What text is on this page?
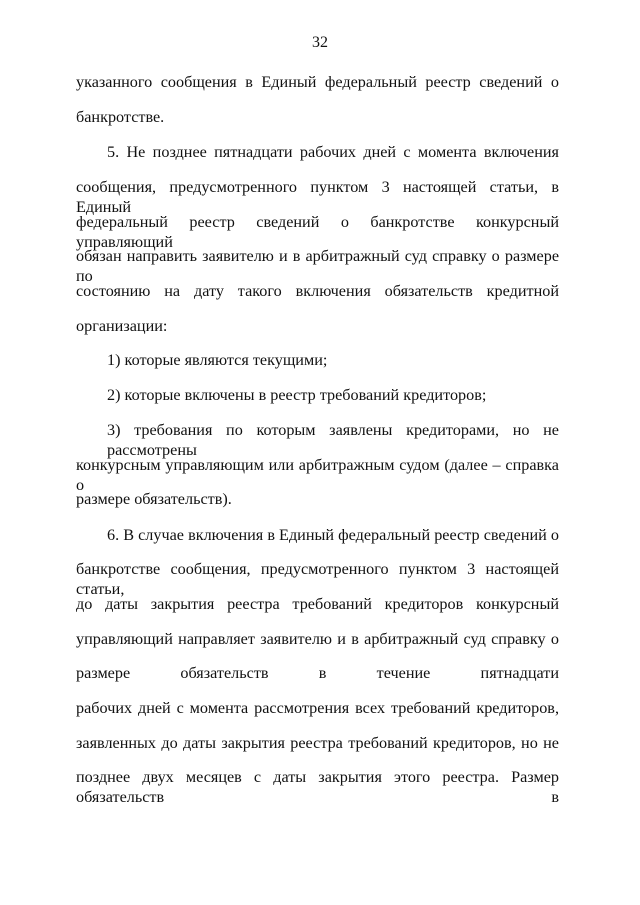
32
указанного сообщения в Единый федеральный реестр сведений о
банкротстве.
5. Не позднее пятнадцати рабочих дней с момента включения
сообщения, предусмотренного пунктом 3 настоящей статьи, в Единый
федеральный реестр сведений о банкротстве конкурсный управляющий
обязан направить заявителю и в арбитражный суд справку о размере по
состоянию на дату такого включения обязательств кредитной
организации:
1) которые являются текущими;
2) которые включены в реестр требований кредиторов;
3) требования по которым заявлены кредиторами, но не рассмотрены
конкурсным управляющим или арбитражным судом (далее – справка о
размере обязательств).
6. В случае включения в Единый федеральный реестр сведений о
банкротстве сообщения, предусмотренного пунктом 3 настоящей статьи,
до даты закрытия реестра требований кредиторов конкурсный
управляющий направляет заявителю и в арбитражный суд справку о
размере обязательств в течение пятнадцати
рабочих дней с момента рассмотрения всех требований кредиторов,
заявленных до даты закрытия реестра требований кредиторов, но не
позднее двух месяцев с даты закрытия этого реестра. Размер обязательств в
